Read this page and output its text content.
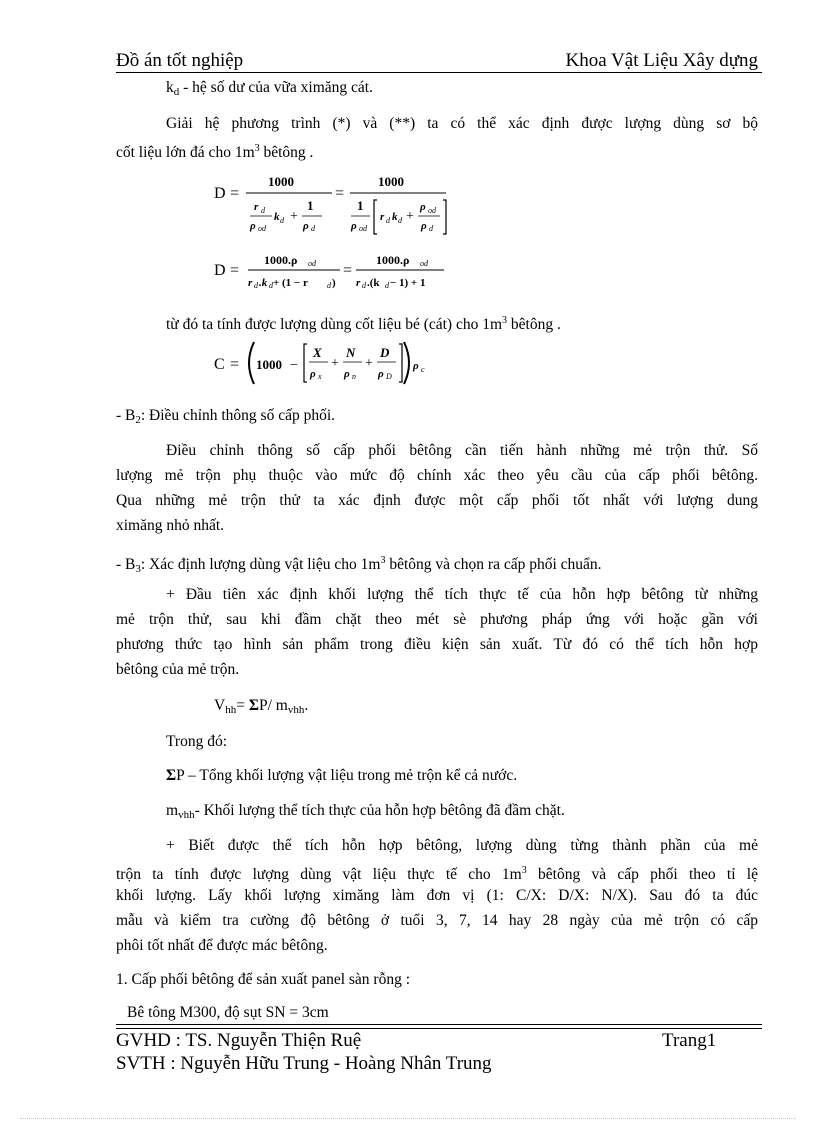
Đồ án tốt nghiệp	Khoa Vật Liệu Xây dựng
$k_d$ - hệ số dư của vữa ximăng cát.
Giải hệ phương trình (*) và (**) ta có thể xác định được lượng dùng sơ bộ
cốt liệu lớn đá cho $1m^3$ bêtông .
D =
1000
r d
ρ od
k d +
1
ρ d
=
1000
1
ρ od
r d k d +
ρ od
ρ d
D =
1000.ρ od
r d .k d + (1 − r d )
=
1000.ρ od
r d .(k d − 1) + 1
từ đó ta tính được lượng dùng cốt liệu bé (cát) cho $1m^3$ bêtông .
C = 1000 −
X
ρ x
+
N
ρ n
+
D
ρ D
ρ c
- $B_2$: Điều chỉnh thông số cấp phối.
Điều chỉnh thông số cấp phối bêtông cần tiến hành những mẻ trộn thử. Số
lượng mẻ trộn phụ thuộc vào mức độ chính xác theo yêu cầu của cấp phối bêtông.
Qua những mẻ trộn thử ta xác định được một cấp phối tốt nhất với lượng dung
ximăng nhỏ nhất.
- $B_3$: Xác định lượng dùng vật liệu cho $1m^3$ bêtông và chọn ra cấp phối chuẩn.
+ Đầu tiên xác định khối lượng thể tích thực tế của hỗn hợp bêtông từ những
mẻ trộn thử, sau khi đầm chặt theo mét sè phương pháp ứng với hoặc gần với
phương thức tạo hình sản phẩm trong điều kiện sản xuất. Từ đó có thể tích hỗn hợp
bêtông của mẻ trộn.
$V_{hh}= \Sigma P/$ $m_{vhh}$.
Trong đó:
ΣP – Tổng khối lượng vật liệu trong mẻ trộn kể cả nước.
$m_{vhh}-$ Khối lượng thể tích thực của hỗn hợp bêtông đã đầm chặt.
+ Biết được thể tích hỗn hợp bêtông, lượng dùng từng thành phần của mẻ
trộn ta tính được lượng dùng vật liệu thực tế cho $1m^3$ bêtông và cấp phối theo tỉ lệ
khối lượng. Lấy khối lượng ximăng làm đơn vị (1: C/X: D/X: N/X). Sau đó ta đúc
mẫu và kiểm tra cường độ bêtông ở tuổi 3, 7, 14 hay 28 ngày của mẻ trộn có cấp
phôi tốt nhất để được mác bêtông.
1. Cấp phối bêtông để sản xuất panel sàn rỗng :
Bê tông M300, độ sụt SN = 3cm
GVHD : TS. Nguyễn Thiện Ruệ	Trang1
SVTH : Nguyễn Hữu Trung - Hoàng Nhân Trung
